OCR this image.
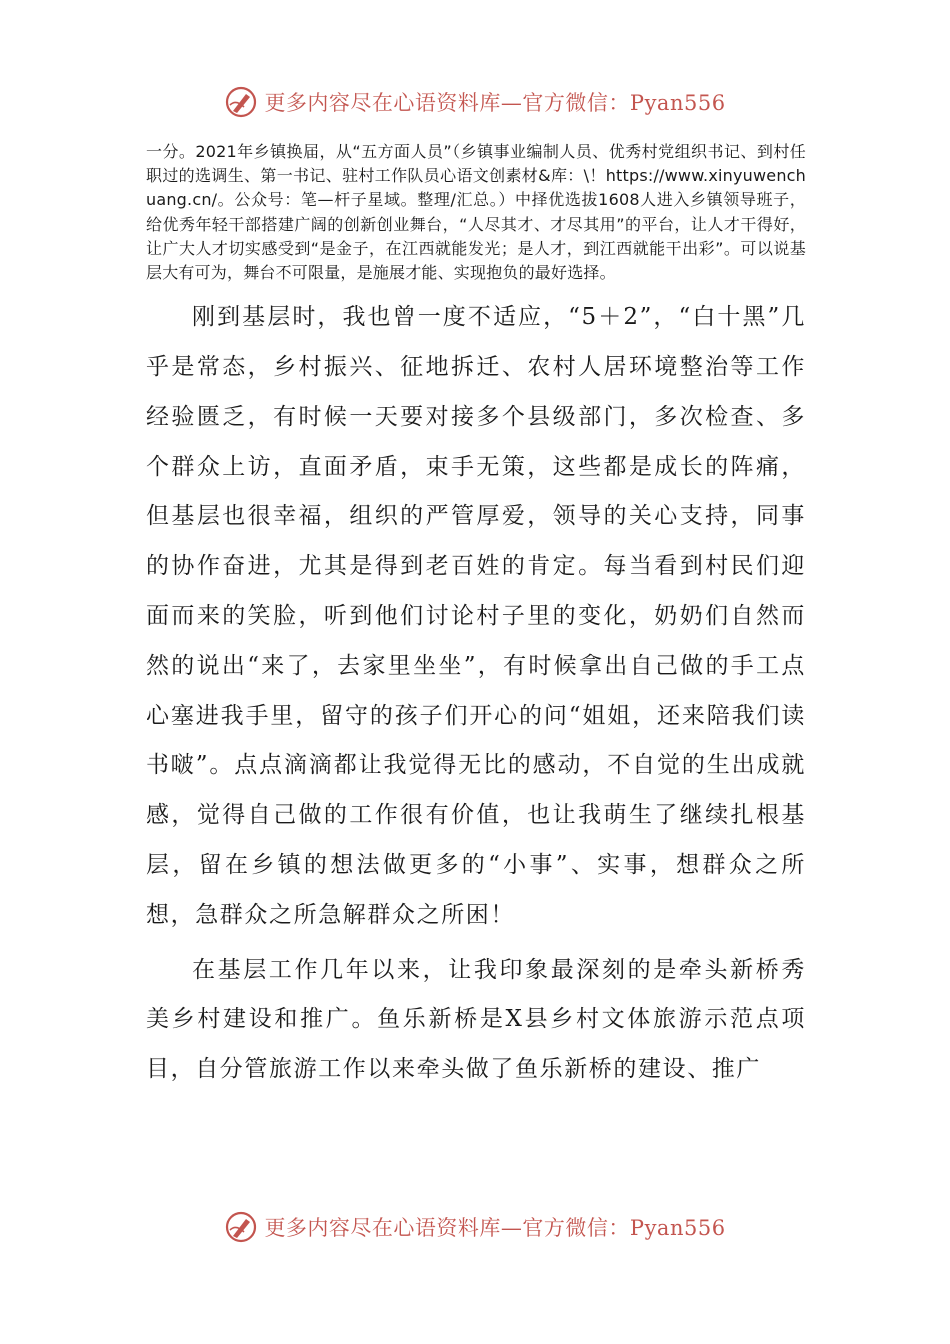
更多内容尽在心语资料库—官方微信：Pyan556

一分。2021年乡镇换届，从“五方面人员”（乡镇事业编制人员、优秀村党组织书记、到村任职过的选调生、第一书记、驻村工作队员心语文创素材&库：\！https://www.xinyuwenchuang.cn/。公众号：笔—杆子星域。整理/汇总。）中择优选拔1608人进入乡镇领导班子，给优秀年轻干部搭建广阔的创新创业舞台，“人尽其才、才尽其用”的平台，让人才干得好，让广大人才切实感受到“是金子，在江西就能发光；是人才，到江西就能干出彩”。可以说基层大有可为，舞台不可限量，是施展才能、实现抱负的最好选择。

刚到基层时，我也曾一度不适应，“5＋2”，“白十黑”几乎是常态，乡村振兴、征地拆迁、农村人居环境整治等工作经验匮乏，有时候一天要对接多个县级部门，多次检查、多个群众上访，直面矛盾，束手无策，这些都是成长的阵痛，但基层也很幸福，组织的严管厚爱，领导的关心支持，同事的协作奋进，尤其是得到老百姓的肯定。每当看到村民们迎面而来的笑脸，听到他们讨论村子里的变化，奶奶们自然而然的说出“来了，去家里坐坐”，有时候拿出自己做的手工点心塞进我手里，留守的孩子们开心的问“姐姐，还来陪我们读书啵”。点点滴滴都让我觉得无比的感动，不自觉的生出成就感，觉得自己做的工作很有价值，也让我萌生了继续扎根基层，留在乡镇的想法做更多的“小事”、实事，想群众之所想，急群众之所急解群众之所困！

在基层工作几年以来，让我印象最深刻的是牵头新桥秀美乡村建设和推广。鱼乐新桥是X县乡村文体旅游示范点项目，自分管旅游工作以来牵头做了鱼乐新桥的建设、推广

更多内容尽在心语资料库—官方微信：Pyan556
